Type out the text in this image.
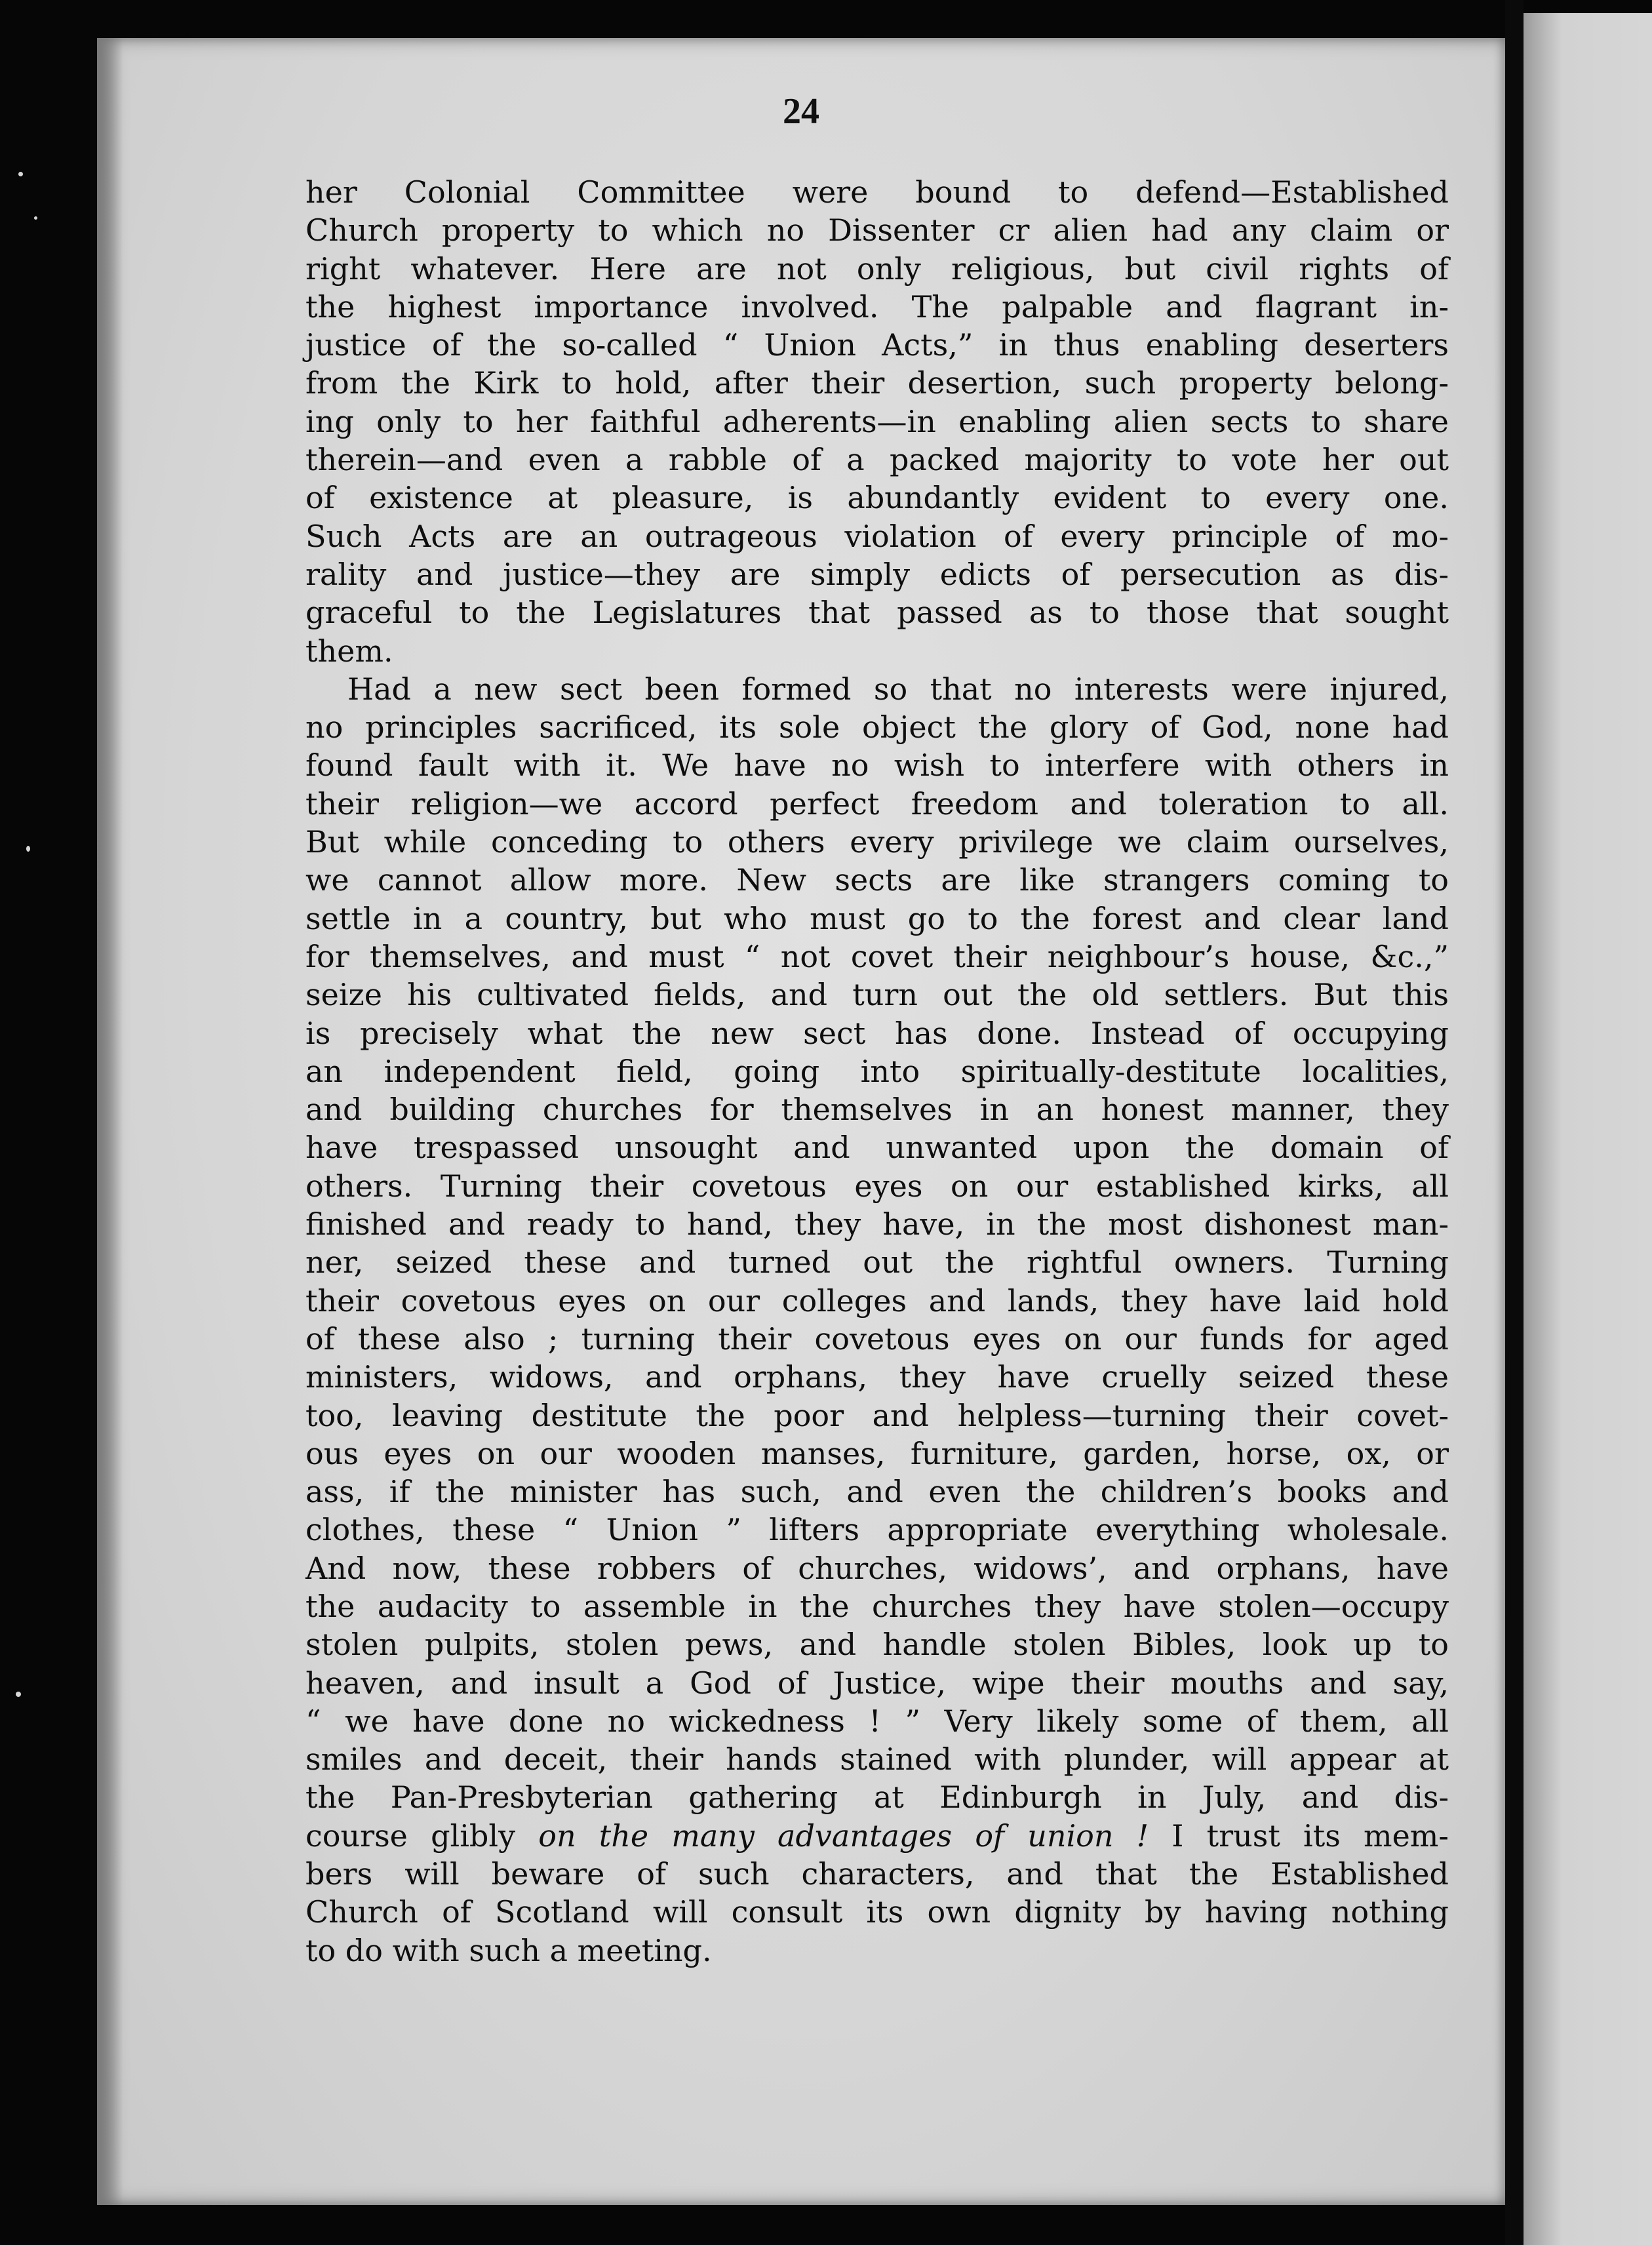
24

her Colonial Committee were bound to defend—Established
Church property to which no Dissenter cr alien had any claim or
right whatever. Here are not only religious, but civil rights of
the highest importance involved. The palpable and flagrant in-
justice of the so-called “ Union Acts,” in thus enabling deserters
from the Kirk to hold, after their desertion, such property belong-
ing only to her faithful adherents—in enabling alien sects to share
therein—and even a rabble of a packed majority to vote her out
of existence at pleasure, is abundantly evident to every one.
Such Acts are an outrageous violation of every principle of mo-
rality and justice—they are simply edicts of persecution as dis-
graceful to the Legislatures that passed as to those that sought
them.
Had a new sect been formed so that no interests were injured,
no principles sacrificed, its sole object the glory of God, none had
found fault with it. We have no wish to interfere with others in
their religion—we accord perfect freedom and toleration to all.
But while conceding to others every privilege we claim ourselves,
we cannot allow more. New sects are like strangers coming to
settle in a country, but who must go to the forest and clear land
for themselves, and must “ not covet their neighbour’s house, &c.,”
seize his cultivated fields, and turn out the old settlers. But this
is precisely what the new sect has done. Instead of occupying
an independent field, going into spiritually-destitute localities,
and building churches for themselves in an honest manner, they
have trespassed unsought and unwanted upon the domain of
others. Turning their covetous eyes on our established kirks, all
finished and ready to hand, they have, in the most dishonest man-
ner, seized these and turned out the rightful owners. Turning
their covetous eyes on our colleges and lands, they have laid hold
of these also ; turning their covetous eyes on our funds for aged
ministers, widows, and orphans, they have cruelly seized these
too, leaving destitute the poor and helpless—turning their covet-
ous eyes on our wooden manses, furniture, garden, horse, ox, or
ass, if the minister has such, and even the children’s books and
clothes, these “ Union ” lifters appropriate everything wholesale.
And now, these robbers of churches, widows’, and orphans, have
the audacity to assemble in the churches they have stolen—occupy
stolen pulpits, stolen pews, and handle stolen Bibles, look up to
heaven, and insult a God of Justice, wipe their mouths and say,
“ we have done no wickedness ! ” Very likely some of them, all
smiles and deceit, their hands stained with plunder, will appear at
the Pan-Presbyterian gathering at Edinburgh in July, and dis-
course glibly on the many advantages of union ! I trust its mem-
bers will beware of such characters, and that the Established
Church of Scotland will consult its own dignity by having nothing
to do with such a meeting.
